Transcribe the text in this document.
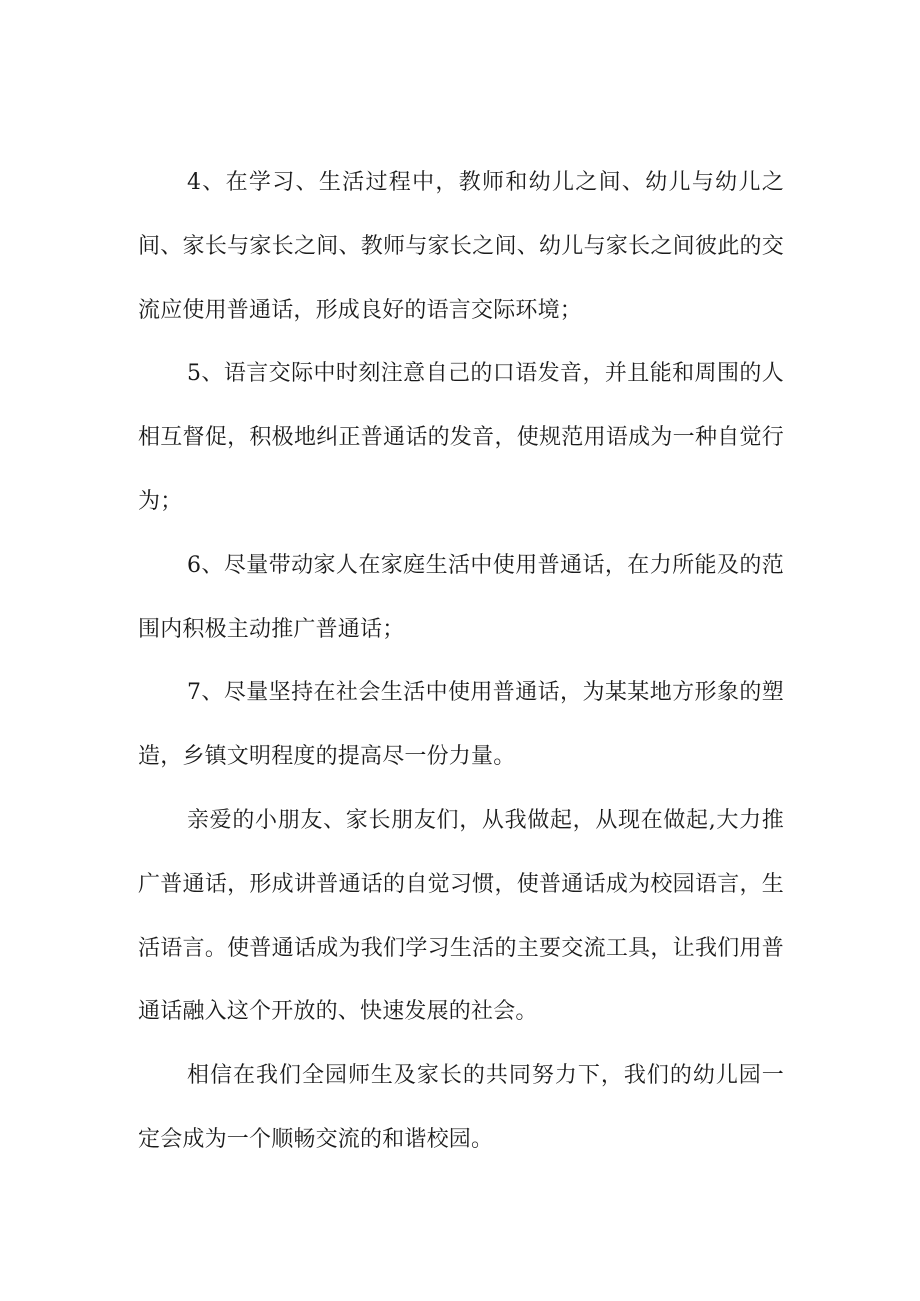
4、在学习、生活过程中，教师和幼儿之间、幼儿与幼儿之间、家长与家长之间、教师与家长之间、幼儿与家长之间彼此的交流应使用普通话，形成良好的语言交际环境；

5、语言交际中时刻注意自己的口语发音，并且能和周围的人相互督促，积极地纠正普通话的发音，使规范用语成为一种自觉行为；

6、尽量带动家人在家庭生活中使用普通话，在力所能及的范围内积极主动推广普通话；

7、尽量坚持在社会生活中使用普通话，为某某地方形象的塑造，乡镇文明程度的提高尽一份力量。

亲爱的小朋友、家长朋友们，从我做起，从现在做起,大力推广普通话，形成讲普通话的自觉习惯，使普通话成为校园语言，生活语言。使普通话成为我们学习生活的主要交流工具，让我们用普通话融入这个开放的、快速发展的社会。

相信在我们全园师生及家长的共同努力下，我们的幼儿园一定会成为一个顺畅交流的和谐校园。
